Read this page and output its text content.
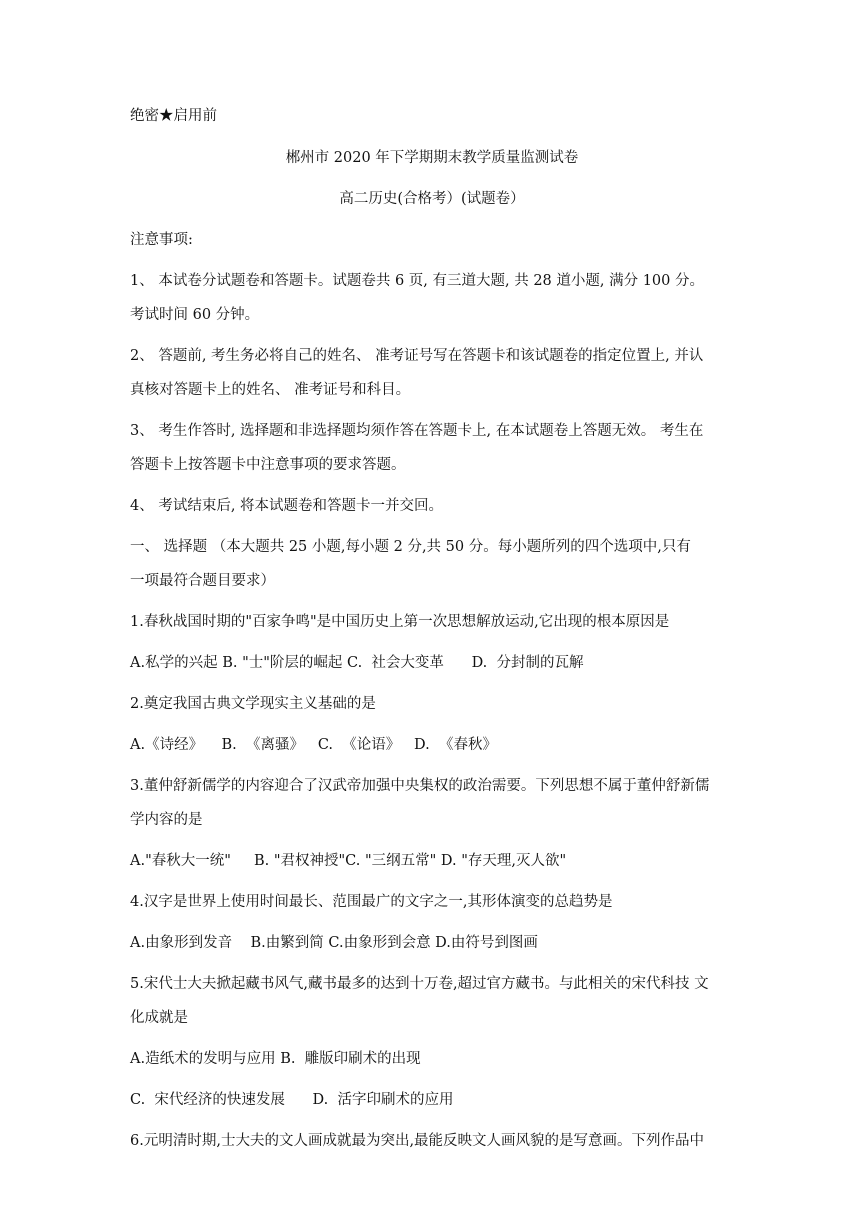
绝密★启用前
郴州市 2020 年下学期期末教学质量监测试卷
高二历史(合格考）(试题卷）
注意事项:
1、 本试卷分试题卷和答题卡。试题卷共 6 页, 有三道大题, 共 28 道小题, 满分 100 分。
考试时间 60 分钟。
2、 答题前, 考生务必将自己的姓名、 准考证号写在答题卡和该试题卷的指定位置上, 并认
真核对答题卡上的姓名、 准考证号和科目。
3、 考生作答时, 选择题和非选择题均须作答在答题卡上, 在本试题卷上答题无效。 考生在
答题卡上按答题卡中注意事项的要求答题。
4、 考试结束后, 将本试题卷和答题卡一并交回。
一、 选择题 （本大题共 25 小题,每小题 2 分,共 50 分。每小题所列的四个选项中,只有
一项最符合题目要求）
1.春秋战国时期的"百家争鸣"是中国历史上第一次思想解放运动,它出现的根本原因是
A.私学的兴起 B. "士"阶层的崛起 C.  社会大变革      D.  分封制的瓦解
2.奠定我国古典文学现实主义基础的是
A.《诗经》    B.  《离骚》   C.  《论语》   D.  《春秋》
3.董仲舒新儒学的内容迎合了汉武帝加强中央集权的政治需要。下列思想不属于董仲舒新儒
学内容的是
A."春秋大一统"     B. "君权神授"C. "三纲五常" D. "存天理,灭人欲"
4.汉字是世界上使用时间最长、范围最广的文字之一,其形体演变的总趋势是
A.由象形到发音    B.由繁到简 C.由象形到会意 D.由符号到图画
5.宋代士大夫掀起藏书风气,藏书最多的达到十万卷,超过官方藏书。与此相关的宋代科技 文
化成就是
A.造纸术的发明与应用 B.  雕版印刷术的出现
C.  宋代经济的快速发展      D.  活字印刷术的应用
6.元明清时期,士大夫的文人画成就最为突出,最能反映文人画风貌的是写意画。下列作品中
